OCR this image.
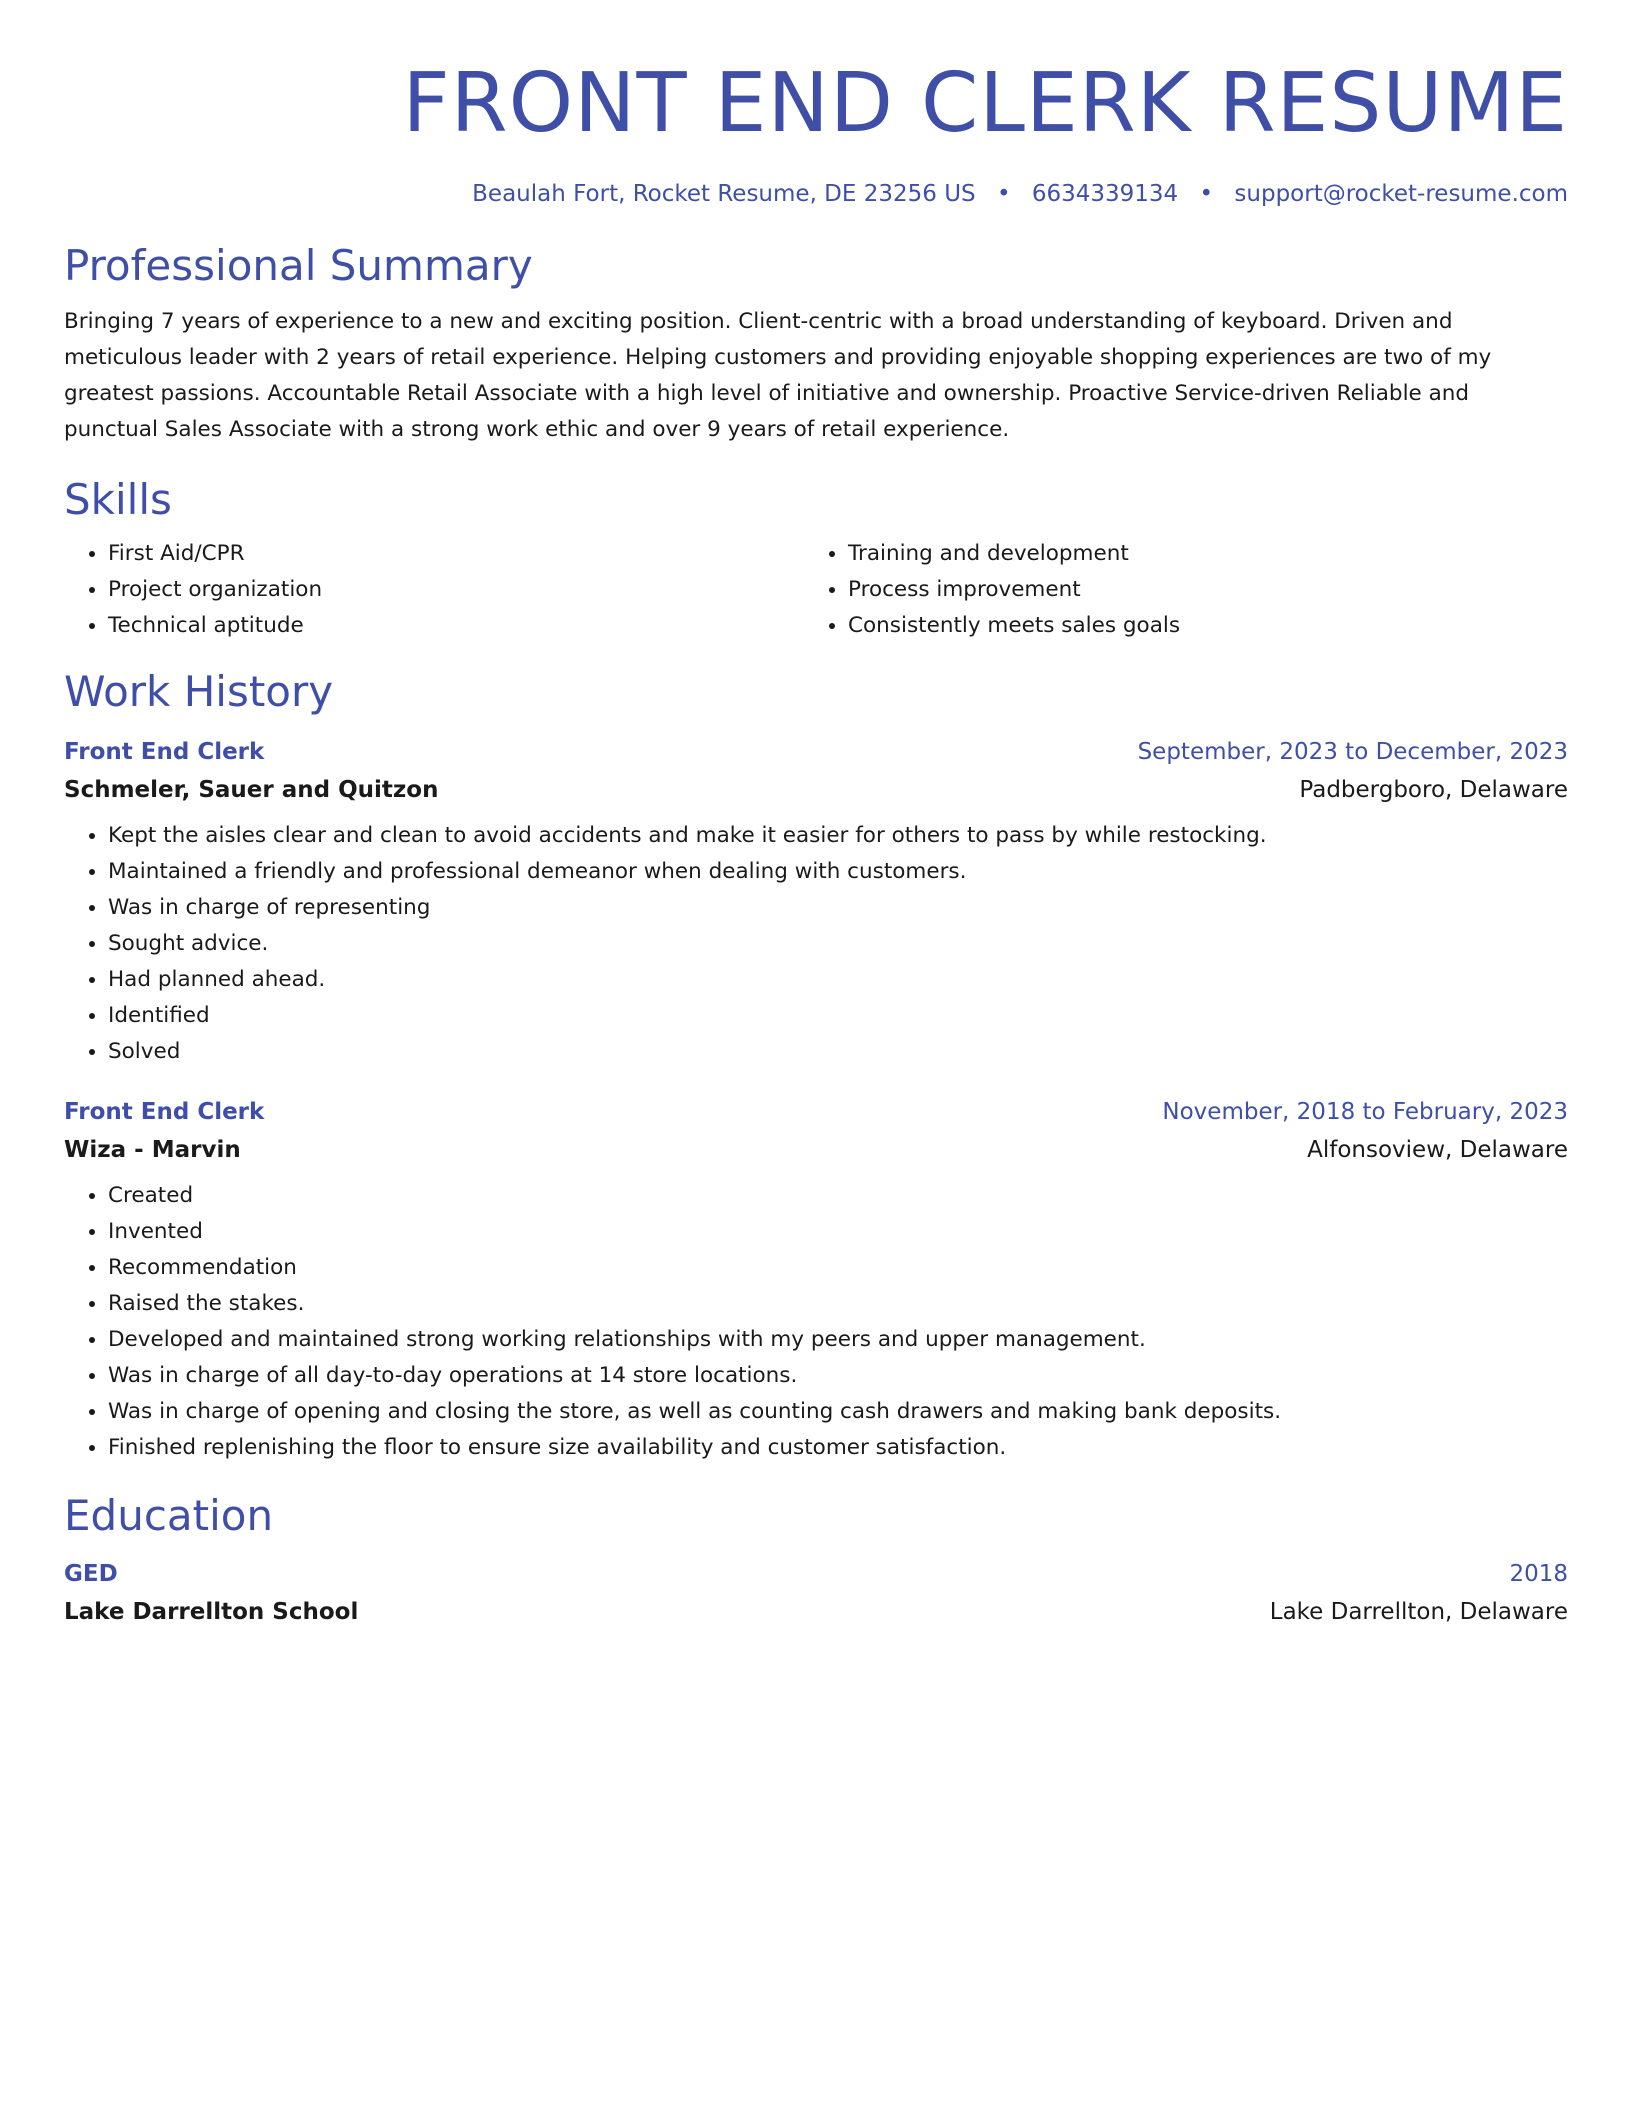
FRONT END CLERK RESUME
Beaulah Fort, Rocket Resume, DE 23256 US • 6634339134 • support@rocket-resume.com
Professional Summary
Bringing 7 years of experience to a new and exciting position. Client-centric with a broad understanding of keyboard. Driven and meticulous leader with 2 years of retail experience. Helping customers and providing enjoyable shopping experiences are two of my greatest passions. Accountable Retail Associate with a high level of initiative and ownership. Proactive Service-driven Reliable and punctual Sales Associate with a strong work ethic and over 9 years of retail experience.
Skills
• First Aid/CPR
• Project organization
• Technical aptitude
• Training and development
• Process improvement
• Consistently meets sales goals
Work History
Front End Clerk	September, 2023 to December, 2023
Schmeler, Sauer and Quitzon	Padbergboro, Delaware
• Kept the aisles clear and clean to avoid accidents and make it easier for others to pass by while restocking.
• Maintained a friendly and professional demeanor when dealing with customers.
• Was in charge of representing
• Sought advice.
• Had planned ahead.
• Identified
• Solved
Front End Clerk	November, 2018 to February, 2023
Wiza - Marvin	Alfonsoview, Delaware
• Created
• Invented
• Recommendation
• Raised the stakes.
• Developed and maintained strong working relationships with my peers and upper management.
• Was in charge of all day-to-day operations at 14 store locations.
• Was in charge of opening and closing the store, as well as counting cash drawers and making bank deposits.
• Finished replenishing the floor to ensure size availability and customer satisfaction.
Education
GED	2018
Lake Darrellton School	Lake Darrellton, Delaware
